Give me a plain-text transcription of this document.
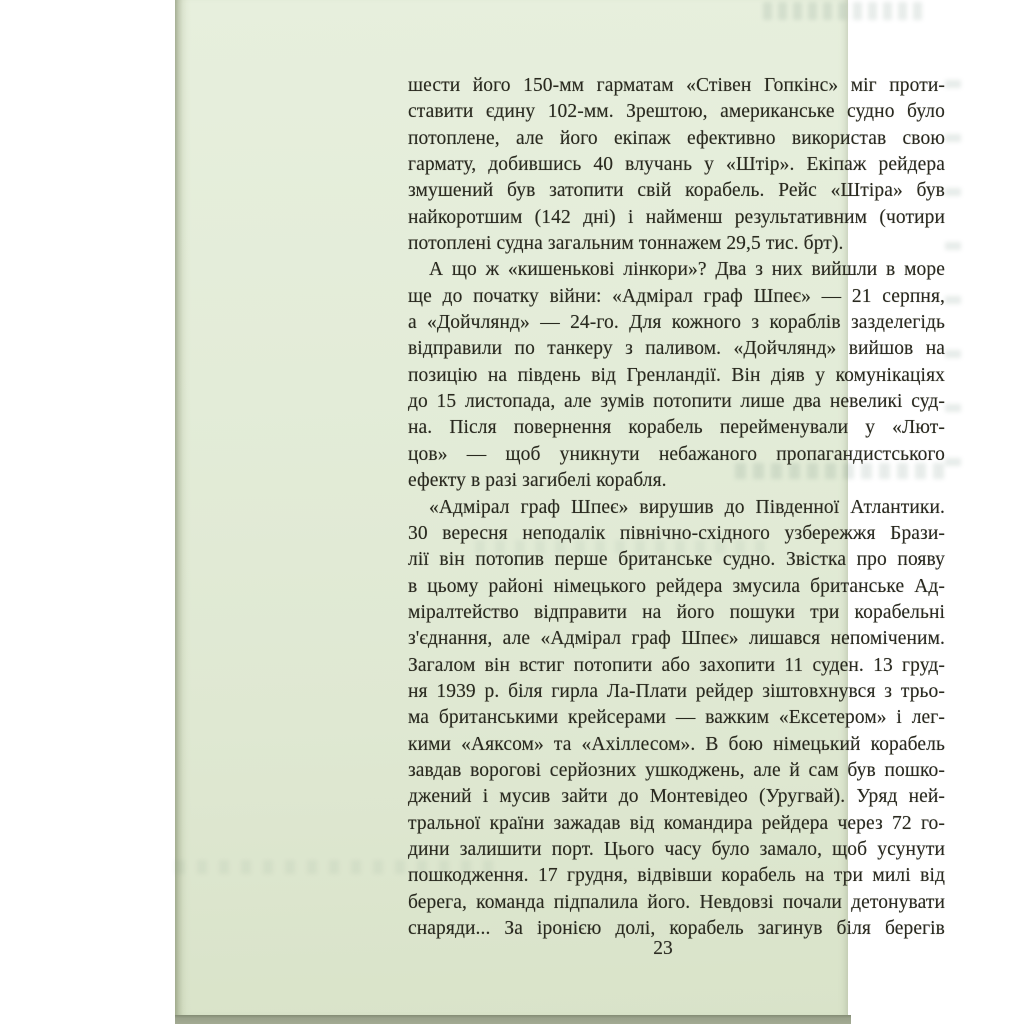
шести його 150-мм гарматам «Стівен Гопкінс» міг проти-
ставити єдину 102-мм. Зрештою, американське судно було
потоплене, але його екіпаж ефективно використав свою
гармату, добившись 40 влучань у «Штір». Екіпаж рейдера
змушений був затопити свій корабель. Рейс «Штіра» був
найкоротшим (142 дні) і найменш результативним (чотири
потоплені судна загальним тоннажем 29,5 тис. брт).
А що ж «кишенькові лінкори»? Два з них вийшли в море
ще до початку війни: «Адмірал граф Шпеє» — 21 серпня,
а «Дойчлянд» — 24-го. Для кожного з кораблів зазделегідь
відправили по танкеру з паливом. «Дойчлянд» вийшов на
позицію на південь від Гренландії. Він діяв у комунікаціях
до 15 листопада, але зумів потопити лише два невеликі суд-
на. Після повернення корабель перейменували у «Лют-
цов» — щоб уникнути небажаного пропагандистського
ефекту в разі загибелі корабля.
«Адмірал граф Шпеє» вирушив до Південної Атлантики.
30 вересня неподалік північно-східного узбережжя Брази-
лії він потопив перше британське судно. Звістка про появу
в цьому районі німецького рейдера змусила британське Ад-
міралтейство відправити на його пошуки три корабельні
з'єднання, але «Адмірал граф Шпеє» лишався непоміченим.
Загалом він встиг потопити або захопити 11 суден. 13 груд-
ня 1939 р. біля гирла Ла-Плати рейдер зіштовхнувся з трьо-
ма британськими крейсерами — важким «Ексетером» і лег-
кими «Аяксом» та «Ахіллесом». В бою німецький корабель
завдав ворогові серйозних ушкоджень, але й сам був пошко-
джений і мусив зайти до Монтевідео (Уругвай). Уряд ней-
тральної країни зажадав від командира рейдера через 72 го-
дини залишити порт. Цього часу було замало, щоб усунути
пошкодження. 17 грудня, відвівши корабель на три милі від
берега, команда підпалила його. Невдовзі почали детонувати
снаряди... За іронією долі, корабель загинув біля берегів
23
